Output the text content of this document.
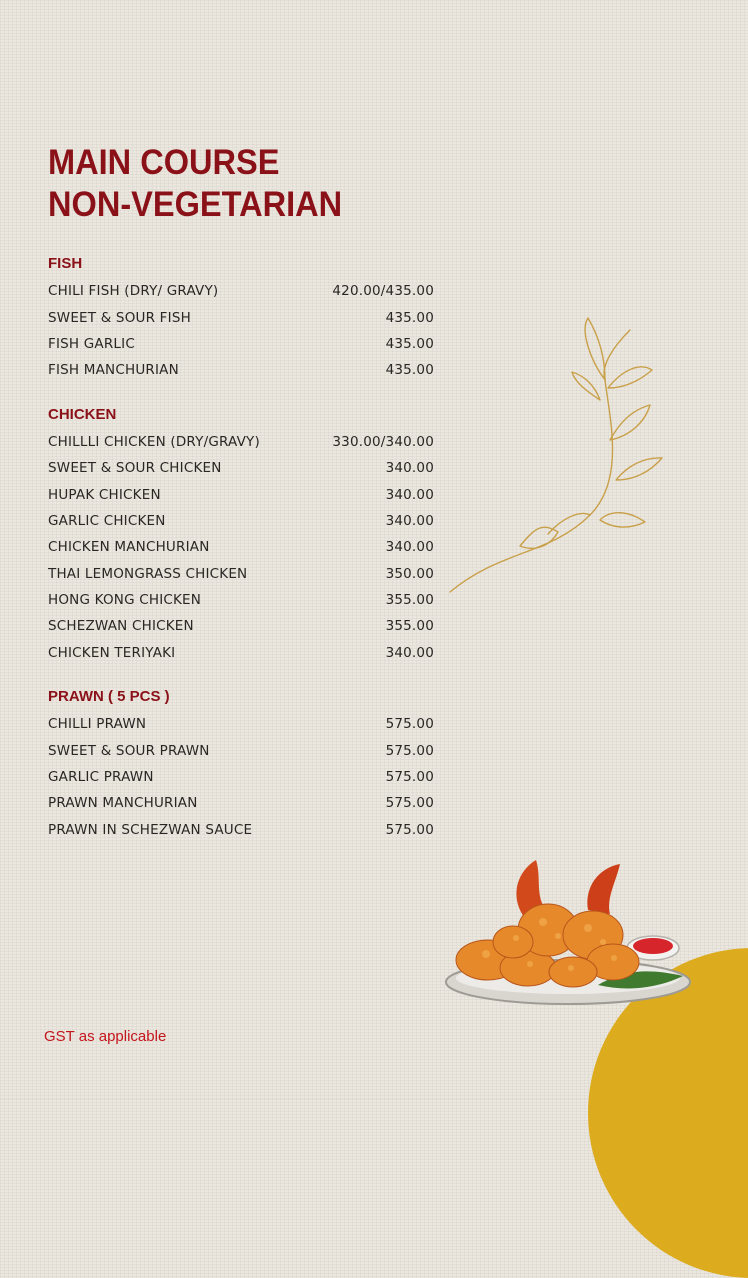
MAIN COURSE
NON-VEGETARIAN
FISH
CHILI FISH (DRY/ GRAVY)	420.00/435.00
SWEET & SOUR FISH	435.00
FISH GARLIC	435.00
FISH MANCHURIAN	435.00
CHICKEN
CHILLLI CHICKEN (DRY/GRAVY)	330.00/340.00
SWEET & SOUR CHICKEN	340.00
HUPAK CHICKEN	340.00
GARLIC CHICKEN	340.00
CHICKEN MANCHURIAN	340.00
THAI LEMONGRASS CHICKEN	350.00
HONG KONG CHICKEN	355.00
SCHEZWAN CHICKEN	355.00
CHICKEN TERIYAKI	340.00
PRAWN ( 5 PCS )
CHILLI PRAWN	575.00
SWEET & SOUR PRAWN	575.00
GARLIC PRAWN	575.00
PRAWN MANCHURIAN	575.00
PRAWN IN SCHEZWAN SAUCE	575.00
GST as applicable
